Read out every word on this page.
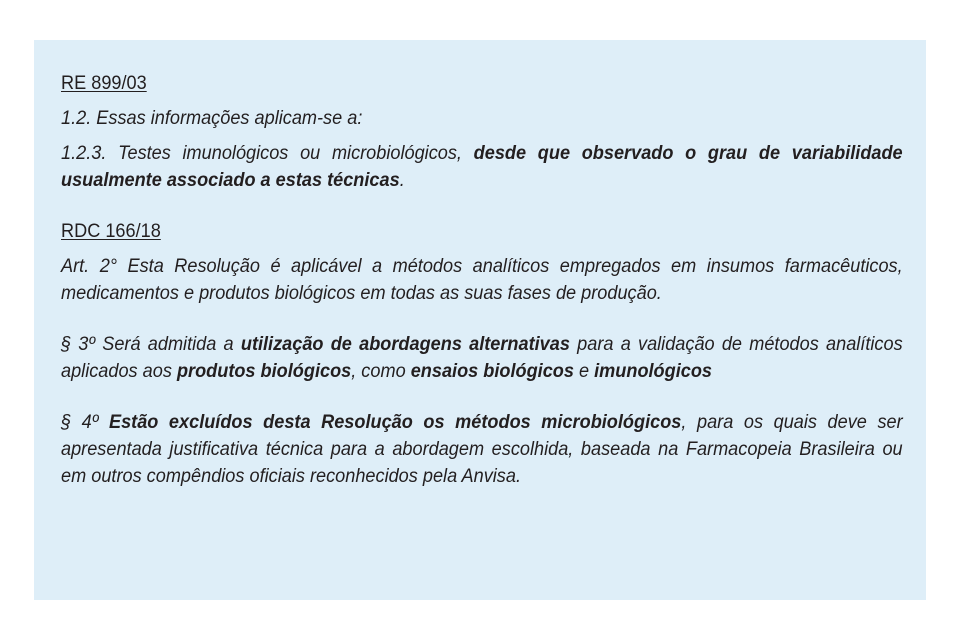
RE 899/03

1.2. Essas informações aplicam-se a:

1.2.3. Testes imunológicos ou microbiológicos, desde que observado o grau de variabilidade usualmente associado a estas técnicas.

RDC 166/18

Art. 2° Esta Resolução é aplicável a métodos analíticos empregados em insumos farmacêuticos, medicamentos e produtos biológicos em todas as suas fases de produção.

§ 3º Será admitida a utilização de abordagens alternativas para a validação de métodos analíticos aplicados aos produtos biológicos, como ensaios biológicos e imunológicos

§ 4º Estão excluídos desta Resolução os métodos microbiológicos, para os quais deve ser apresentada justificativa técnica para a abordagem escolhida, baseada na Farmacopeia Brasileira ou em outros compêndios oficiais reconhecidos pela Anvisa.
